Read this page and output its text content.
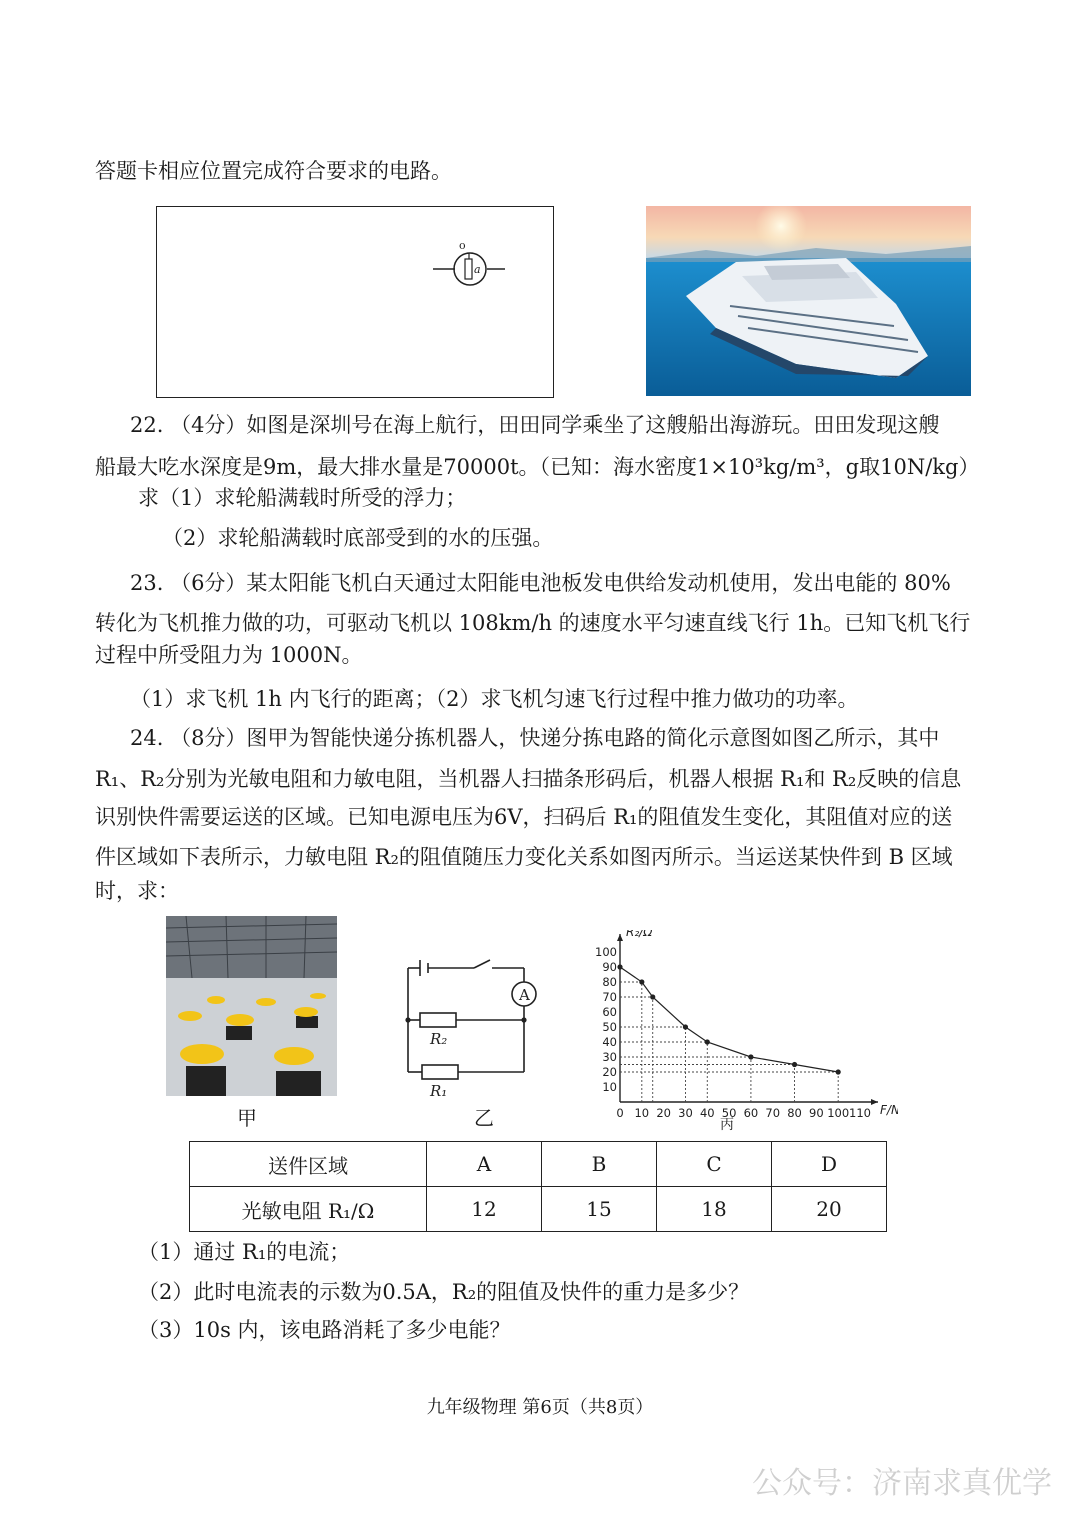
答题卡相应位置完成符合要求的电路。
o
a
22. （4分）如图是深圳号在海上航行，田田同学乘坐了这艘船出海游玩。田田发现这艘
船最大吃水深度是9m，最大排水量是70000t。（已知：海水密度1×10³kg/m³，g取10N/kg）
求（1）求轮船满载时所受的浮力；
（2）求轮船满载时底部受到的水的压强。
23. （6分）某太阳能飞机白天通过太阳能电池板发电供给发动机使用，发出电能的 80%
转化为飞机推力做的功，可驱动飞机以 108km/h 的速度水平匀速直线飞行 1h。已知飞机飞行
过程中所受阻力为 1000N。
（1）求飞机 1h 内飞行的距离；（2）求飞机匀速飞行过程中推力做功的功率。
24. （8分）图甲为智能快递分拣机器人，快递分拣电路的简化示意图如图乙所示，其中
R₁、R₂分别为光敏电阻和力敏电阻，当机器人扫描条形码后，机器人根据 R₁和 R₂反映的信息
识别快件需要运送的区域。已知电源电压为6V，扫码后 R₁的阻值发生变化，其阻值对应的送
件区域如下表所示，力敏电阻 R₂的阻值随压力变化关系如图丙所示。当运送某快件到 B 区域
时，求：
甲
A
R₂
R₁
乙	0 10 20 30 40 50 60 70 80 90 100 110
10
20
30
40
50
60
70
80
90
100
F/N
R₂/Ω
丙
送件区域	A	B	C	D
光敏电阻 R₁/Ω	12	15	18	20
（1）通过 R₁的电流；
（2）此时电流表的示数为0.5A，R₂的阻值及快件的重力是多少？
（3）10s 内，该电路消耗了多少电能？
九年级物理 第6页（共8页）
公众号：济南求真优学
